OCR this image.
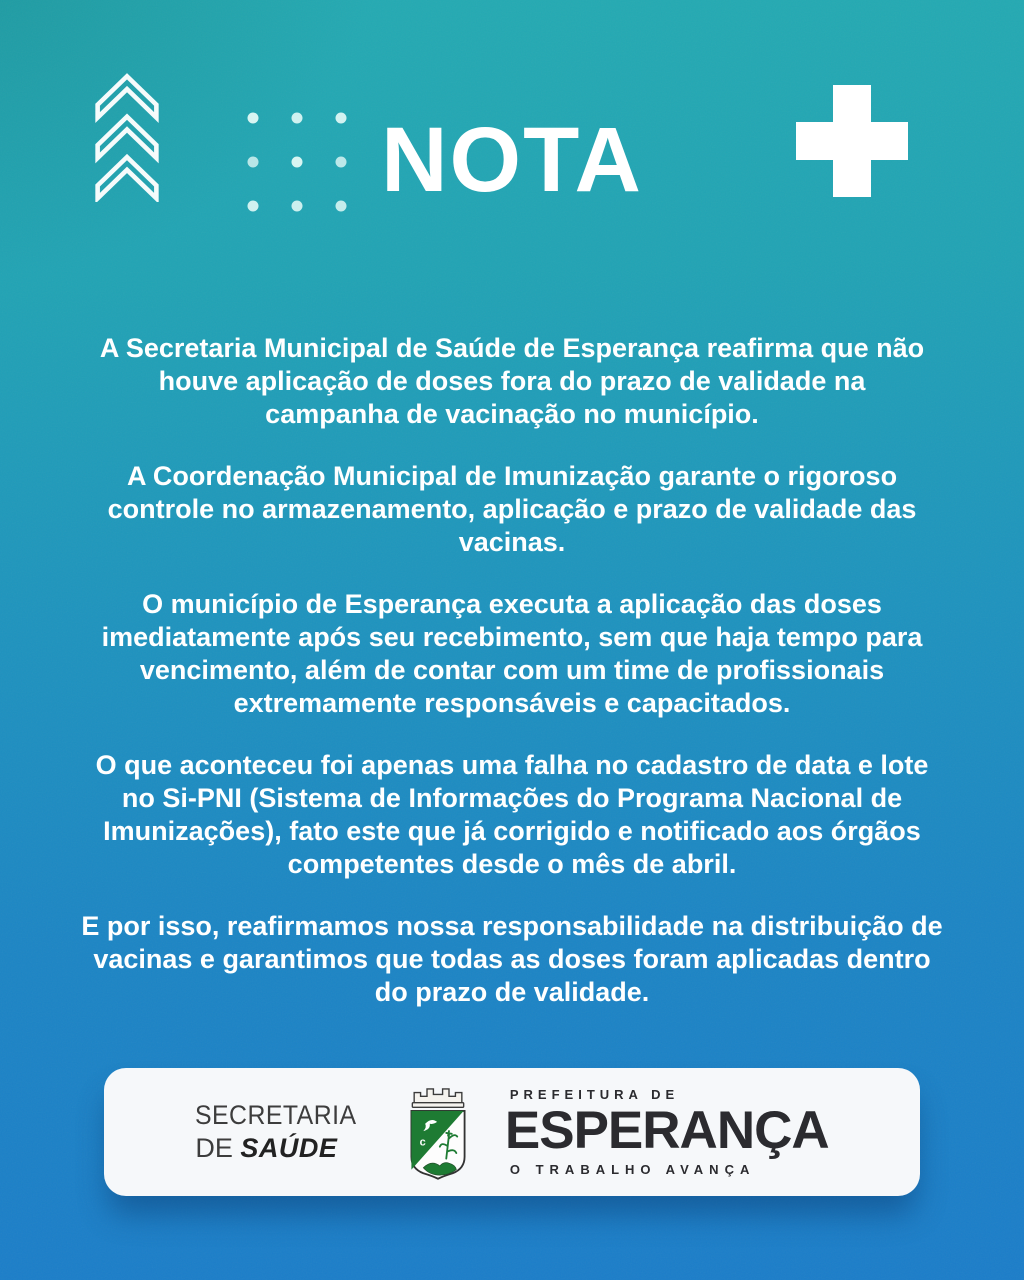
NOTA

A Secretaria Municipal de Saúde de Esperança reafirma que não
houve aplicação de doses fora do prazo de validade na
campanha de vacinação no município.

A Coordenação Municipal de Imunização garante o rigoroso
controle no armazenamento, aplicação e prazo de validade das
vacinas.

O município de Esperança executa a aplicação das doses
imediatamente após seu recebimento, sem que haja tempo para
vencimento, além de contar com um time de profissionais
extremamente responsáveis e capacitados.

O que aconteceu foi apenas uma falha no cadastro de data e lote
no Si-PNI (Sistema de Informações do Programa Nacional de
Imunizações), fato este que já corrigido e notificado aos órgãos
competentes desde o mês de abril.

E por isso, reafirmamos nossa responsabilidade na distribuição de
vacinas e garantimos que todas as doses foram aplicadas dentro
do prazo de validade.

SECRETARIA
DE SAÚDE	c
PREFEITURA DE
ESPERANÇA
O TRABALHO AVANÇA
